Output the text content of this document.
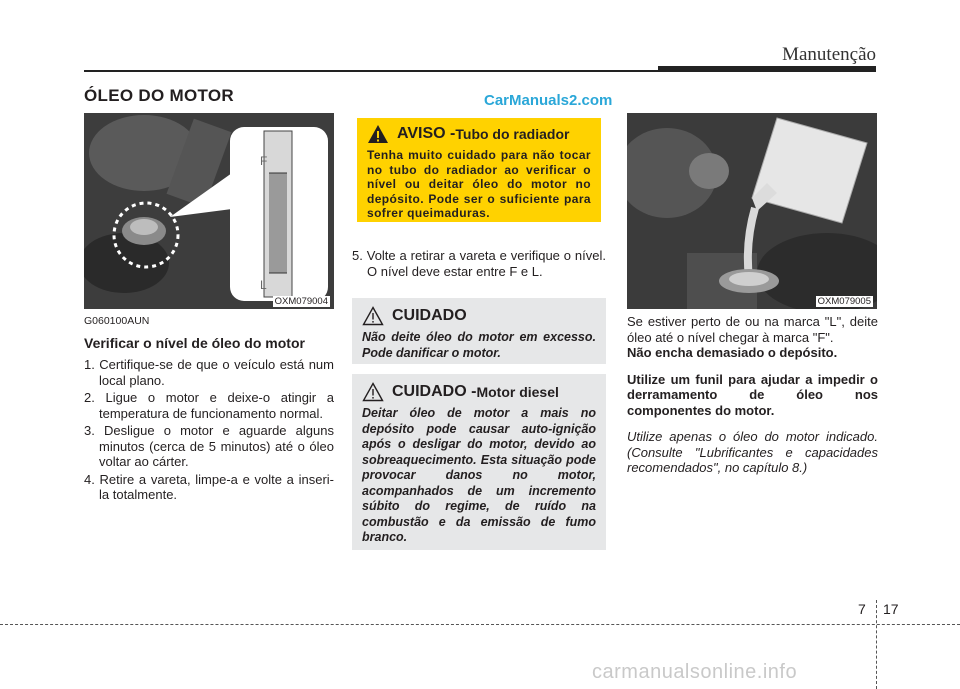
Manutenção
ÓLEO DO MOTOR	CarManuals2.com
F
L
OXM079004
G060100AUN
Verificar o nível de óleo do motor
1. Certifique-se de que o veículo está num local plano.
2. Ligue o motor e deixe-o atingir a temperatura de funcionamento normal.
3. Desligue o motor e aguarde alguns minutos (cerca de 5 minutos) até o óleo voltar ao cárter.
4. Retire a vareta, limpe-a e volte a inseri-la totalmente.
AVISO - Tubo do radiador
Tenha muito cuidado para não tocar no tubo do radiador ao verificar o nível ou deitar óleo do motor no depósito. Pode ser o suficiente para sofrer queimaduras.
5. Volte a retirar a vareta e verifique o nível. O nível deve estar entre F e L.
CUIDADO
Não deite óleo do motor em excesso. Pode danificar o motor.
CUIDADO - Motor diesel
Deitar óleo de motor a mais no depósito pode causar auto-ignição após o desligar do motor, devido ao sobreaquecimento. Esta situação pode provocar danos no motor, acompanhados de um incremento súbito do regime, de ruído na combustão e da emissão de fumo branco.
OXM079005

Se estiver perto de ou na marca "L", deite óleo até o nível chegar à marca "F".
Não encha demasiado o depósito.

Utilize um funil para ajudar a impedir o derramamento de óleo nos componentes do motor.

Utilize apenas o óleo do motor indicado. (Consulte "Lubrificantes e capacidades recomendados", no capítulo 8.)

7 17
carmanualsonline.info
